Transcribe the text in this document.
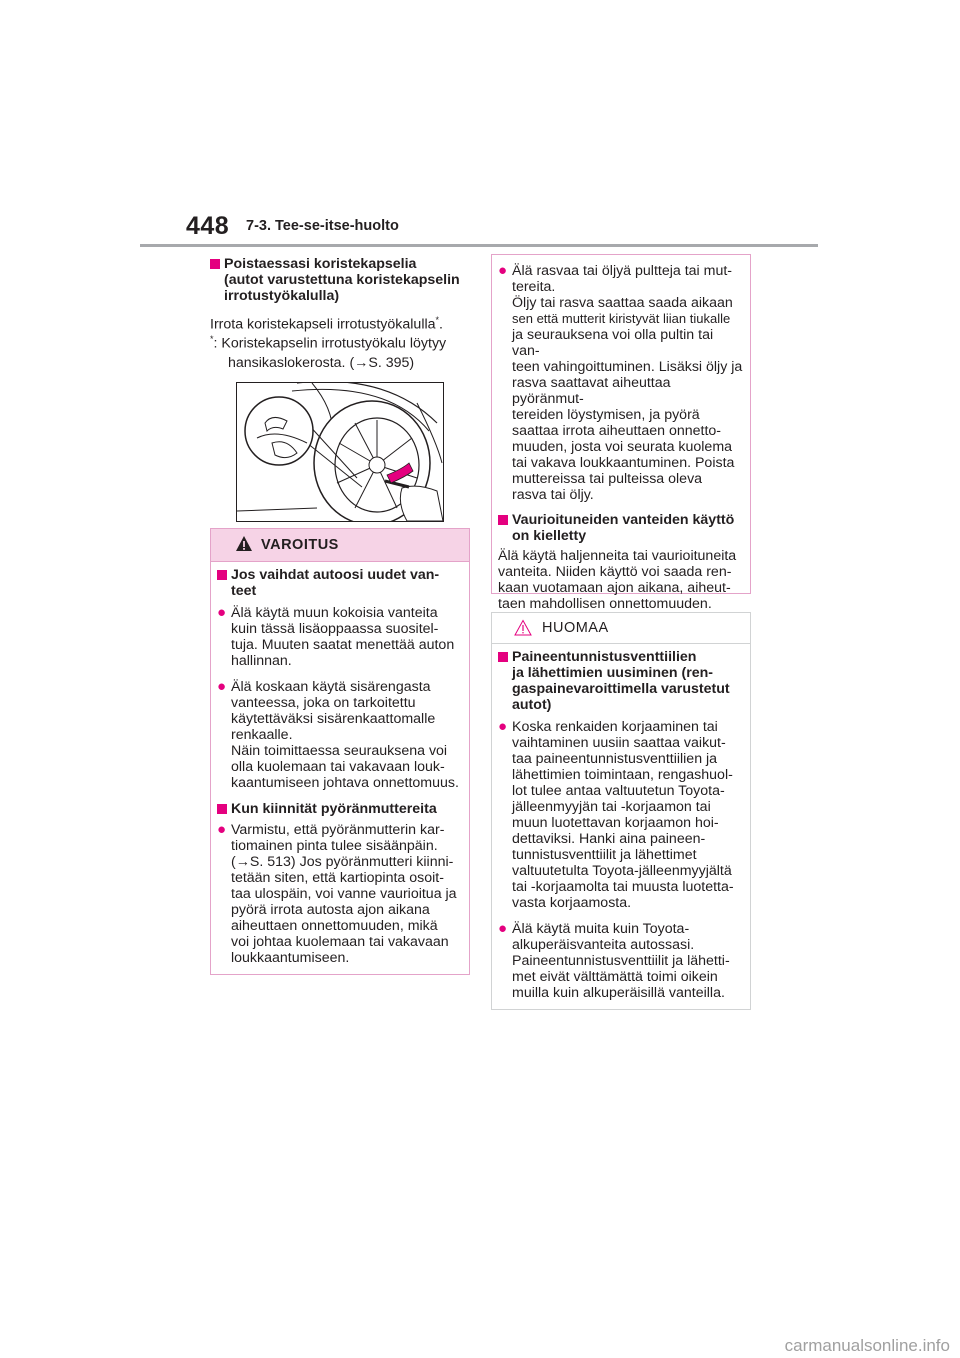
448 7-3. Tee-se-itse-huolto
Poistaessasi koristekapselia
(autot varustettuna koristekapselin
irrotustyökalulla)
Irrota koristekapseli irrotustyökalulla*.
*: Koristekapselin irrotustyökalu löytyy
hansikaslokerosta. (→S. 395)
VAROITUS
Jos vaihdat autoosi uudet van-
teet
● Älä käytä muun kokoisia vanteita
kuin tässä lisäoppaassa suositel-
tuja. Muuten saatat menettää auton
hallinnan.
● Älä koskaan käytä sisärengasta
vanteessa, joka on tarkoitettu
käytettäväksi sisärenkaattomalle
renkaalle.
Näin toimittaessa seurauksena voi
olla kuolemaan tai vakavaan louk-
kaantumiseen johtava onnettomuus.
Kun kiinnität pyöränmuttereita
● Varmistu, että pyöränmutterin kar-
tiomainen pinta tulee sisäänpäin.
(→S. 513) Jos pyöränmutteri kiinni-
tetään siten, että kartiopinta osoit-
taa ulospäin, voi vanne vaurioitua ja
pyörä irrota autosta ajon aikana
aiheuttaen onnettomuuden, mikä
voi johtaa kuolemaan tai vakavaan
loukkaantumiseen.
● Älä rasvaa tai öljyä pultteja tai mut-
tereita.
Öljy tai rasva saattaa saada aikaan
sen että mutterit kiristyvät liian tiukalle
ja seurauksena voi olla pultin tai van-
teen vahingoittuminen. Lisäksi öljy ja
rasva saattavat aiheuttaa pyöränmut-
tereiden löystymisen, ja pyörä
saattaa irrota aiheuttaen onnetto-
muuden, josta voi seurata kuolema
tai vakava loukkaantuminen. Poista
muttereissa tai pulteissa oleva
rasva tai öljy.
Vaurioituneiden vanteiden käyttö
on kielletty
Älä käytä haljenneita tai vaurioituneita
vanteita. Niiden käyttö voi saada ren-
kaan vuotamaan ajon aikana, aiheut-
taen mahdollisen onnettomuuden.
HUOMAA
Paineentunnistusventtiilien
ja lähettimien uusiminen (ren-
gaspainevaroittimella varustetut
autot)
● Koska renkaiden korjaaminen tai
vaihtaminen uusiin saattaa vaikut-
taa paineentunnistusventtiilien ja
lähettimien toimintaan, rengashuol-
lot tulee antaa valtuutetun Toyota-
jälleenmyyjän tai -korjaamon tai
muun luotettavan korjaamon hoi-
dettaviksi. Hanki aina paineen-
tunnistusventtiilit ja lähettimet
valtuutetulta Toyota-jälleenmyyjältä
tai -korjaamolta tai muusta luotetta-
vasta korjaamosta.
● Älä käytä muita kuin Toyota-
alkuperäisvanteita autossasi.
Paineentunnistusventtiilit ja lähetti-
met eivät välttämättä toimi oikein
muilla kuin alkuperäisillä vanteilla.
carmanualsonline.info
